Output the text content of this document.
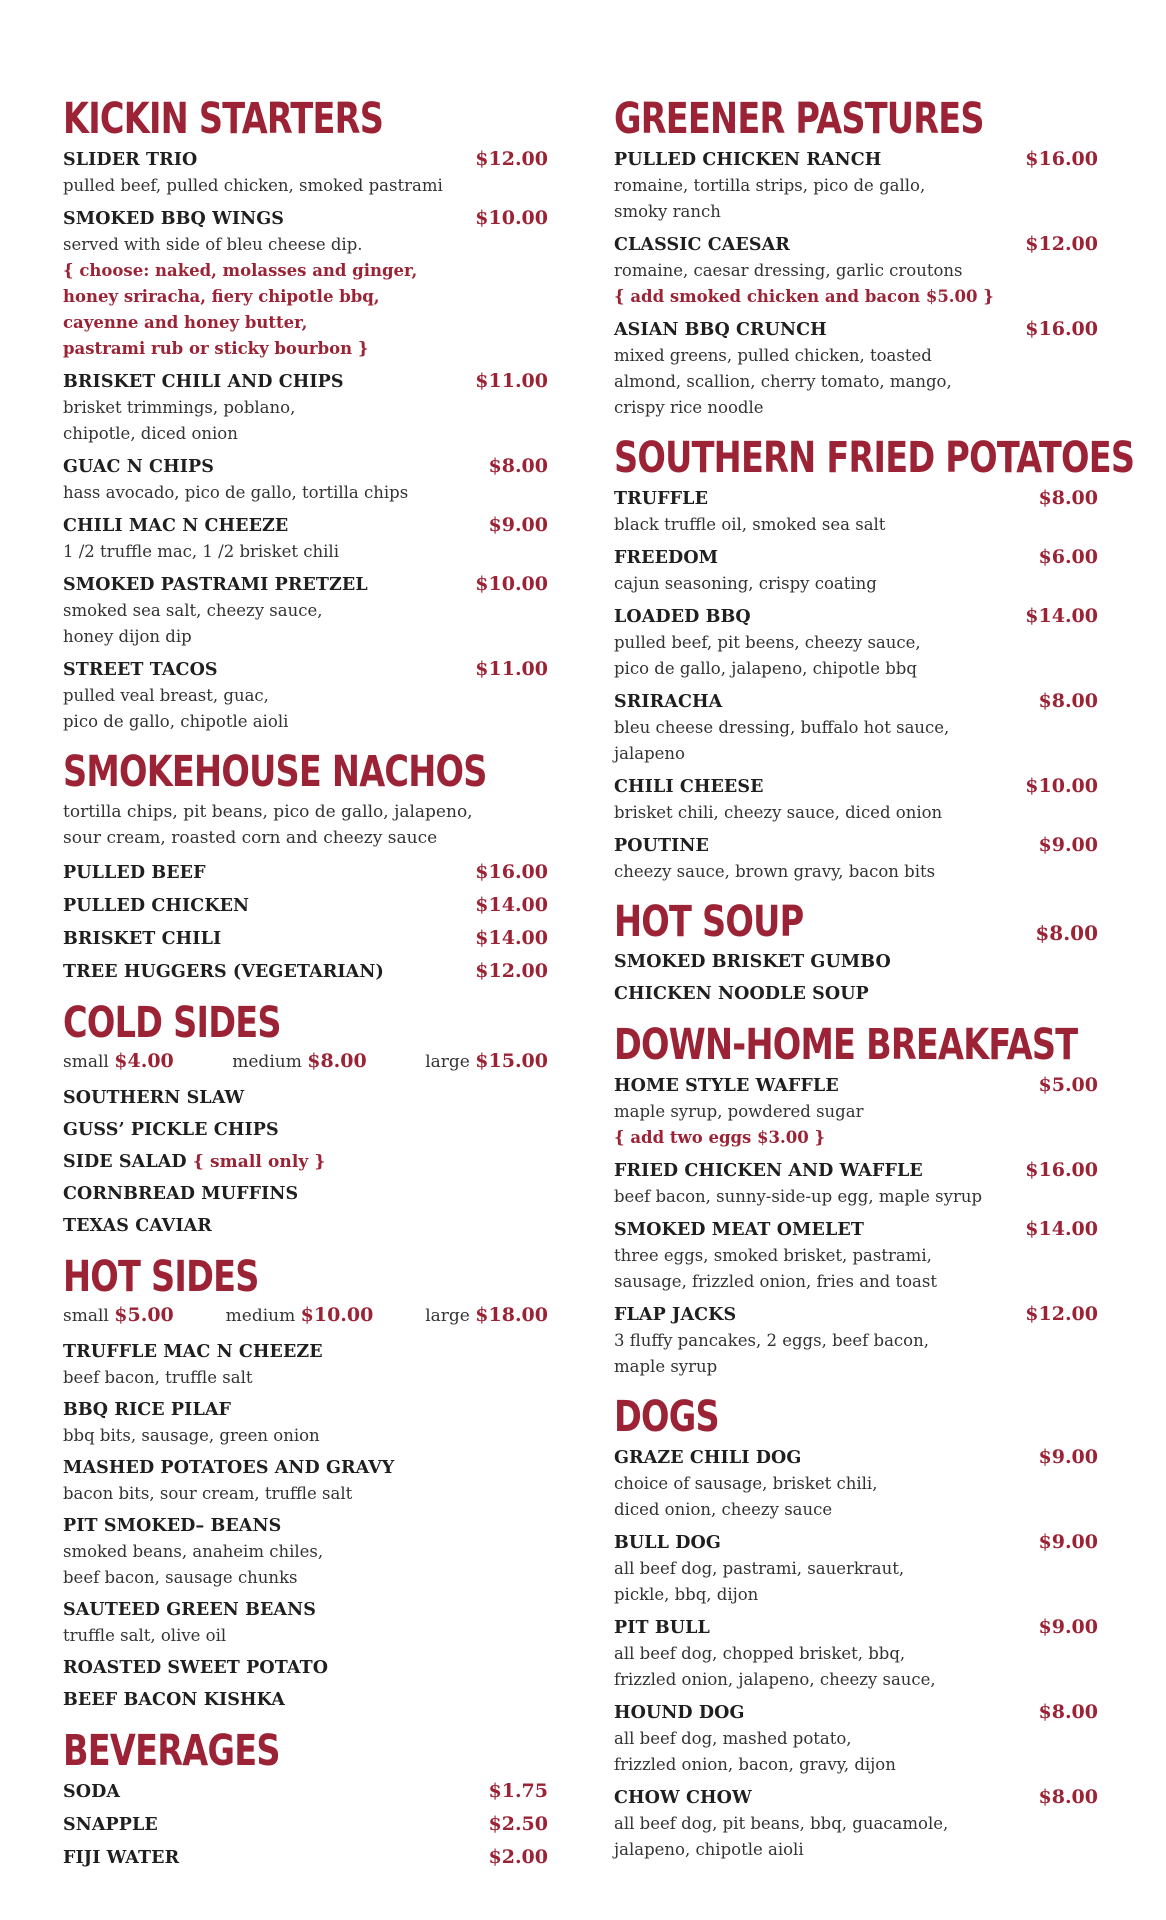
KICKIN STARTERS
SLIDER TRIO	$12.00
pulled beef, pulled chicken, smoked pastrami
SMOKED BBQ WINGS	$10.00
served with side of bleu cheese dip.
{ choose: naked, molasses and ginger,
honey sriracha, fiery chipotle bbq,
cayenne and honey butter,
pastrami rub or sticky bourbon }
BRISKET CHILI AND CHIPS	$11.00
brisket trimmings, poblano,
chipotle, diced onion
GUAC N CHIPS	$8.00
hass avocado, pico de gallo, tortilla chips
CHILI MAC N CHEEZE	$9.00
1 /2 truffle mac, 1 /2 brisket chili
SMOKED PASTRAMI PRETZEL	$10.00
smoked sea salt, cheezy sauce,
honey dijon dip
STREET TACOS	$11.00
pulled veal breast, guac,
pico de gallo, chipotle aioli
SMOKEHOUSE NACHOS
tortilla chips, pit beans, pico de gallo, jalapeno,
sour cream, roasted corn and cheezy sauce
PULLED BEEF	$16.00
PULLED CHICKEN	$14.00
BRISKET CHILI	$14.00
TREE HUGGERS (VEGETARIAN)	$12.00
COLD SIDES
small $4.00	medium $8.00	large $15.00
SOUTHERN SLAW
GUSS’ PICKLE CHIPS
SIDE SALAD { small only }
CORNBREAD MUFFINS
TEXAS CAVIAR
HOT SIDES
small $5.00	medium $10.00	large $18.00
TRUFFLE MAC N CHEEZE
beef bacon, truffle salt
BBQ RICE PILAF
bbq bits, sausage, green onion
MASHED POTATOES AND GRAVY
bacon bits, sour cream, truffle salt
PIT SMOKED– BEANS
smoked beans, anaheim chiles,
beef bacon, sausage chunks
SAUTEED GREEN BEANS
truffle salt, olive oil
ROASTED SWEET POTATO
BEEF BACON KISHKA
BEVERAGES
SODA	$1.75
SNAPPLE	$2.50
FIJI WATER	$2.00
GREENER PASTURES
PULLED CHICKEN RANCH	$16.00
romaine, tortilla strips, pico de gallo,
smoky ranch
CLASSIC CAESAR	$12.00
romaine, caesar dressing, garlic croutons
{ add smoked chicken and bacon $5.00 }
ASIAN BBQ CRUNCH	$16.00
mixed greens, pulled chicken, toasted
almond, scallion, cherry tomato, mango,
crispy rice noodle
SOUTHERN FRIED POTATOES
TRUFFLE	$8.00
black truffle oil, smoked sea salt
FREEDOM	$6.00
cajun seasoning, crispy coating
LOADED BBQ	$14.00
pulled beef, pit beens, cheezy sauce,
pico de gallo, jalapeno, chipotle bbq
SRIRACHA	$8.00
bleu cheese dressing, buffalo hot sauce,
jalapeno
CHILI CHEESE	$10.00
brisket chili, cheezy sauce, diced onion
POUTINE	$9.00
cheezy sauce, brown gravy, bacon bits
HOT SOUP	$8.00
SMOKED BRISKET GUMBO
CHICKEN NOODLE SOUP
DOWN-HOME BREAKFAST
HOME STYLE WAFFLE	$5.00
maple syrup, powdered sugar
{ add two eggs $3.00 }
FRIED CHICKEN AND WAFFLE	$16.00
beef bacon, sunny-side-up egg, maple syrup
SMOKED MEAT OMELET	$14.00
three eggs, smoked brisket, pastrami,
sausage, frizzled onion, fries and toast
FLAP JACKS	$12.00
3 fluffy pancakes, 2 eggs, beef bacon,
maple syrup
DOGS
GRAZE CHILI DOG	$9.00
choice of sausage, brisket chili,
diced onion, cheezy sauce
BULL DOG	$9.00
all beef dog, pastrami, sauerkraut,
pickle, bbq, dijon
PIT BULL	$9.00
all beef dog, chopped brisket, bbq,
frizzled onion, jalapeno, cheezy sauce,
HOUND DOG	$8.00
all beef dog, mashed potato,
frizzled onion, bacon, gravy, dijon
CHOW CHOW	$8.00
all beef dog, pit beans, bbq, guacamole,
jalapeno, chipotle aioli
